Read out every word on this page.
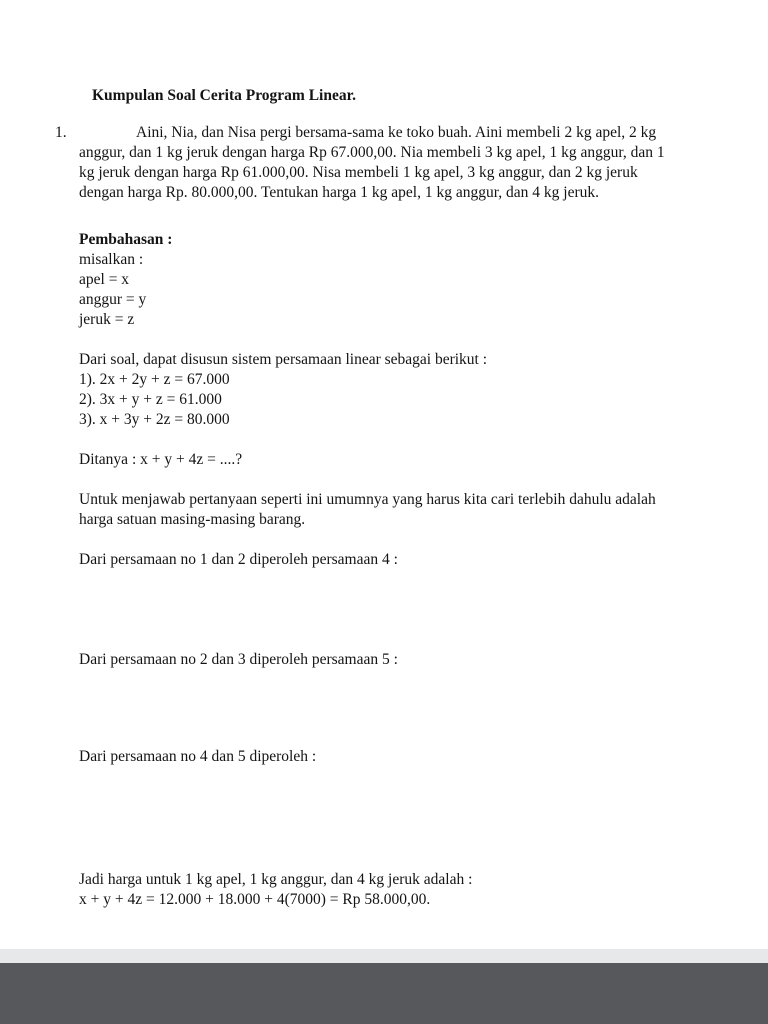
Kumpulan Soal Cerita Program Linear.
1.	Aini, Nia, dan Nisa pergi bersama-sama ke toko buah. Aini membeli 2 kg apel, 2 kg anggur, dan 1 kg jeruk dengan harga Rp 67.000,00. Nia membeli 3 kg apel, 1 kg anggur, dan 1 kg jeruk dengan harga Rp 61.000,00. Nisa membeli 1 kg apel, 3 kg anggur, dan 2 kg jeruk dengan harga Rp. 80.000,00. Tentukan harga 1 kg apel, 1 kg anggur, dan 4 kg jeruk.

Pembahasan :
misalkan :
apel = x
anggur = y
jeruk = z
Dari soal, dapat disusun sistem persamaan linear sebagai berikut :
1). 2x + 2y + z = 67.000
2). 3x + y + z = 61.000
3). x + 3y + 2z = 80.000
Ditanya : x + y + 4z = ....?
Untuk menjawab pertanyaan seperti ini umumnya yang harus kita cari terlebih dahulu adalah harga satuan masing-masing barang.
Dari persamaan no 1 dan 2 diperoleh persamaan 4 :
Dari persamaan no 2 dan 3 diperoleh persamaan 5 :
Dari persamaan no 4 dan 5 diperoleh :
Jadi harga untuk 1 kg apel, 1 kg anggur, dan 4 kg jeruk adalah :
x + y + 4z = 12.000 + 18.000 + 4(7000) = Rp 58.000,00.
